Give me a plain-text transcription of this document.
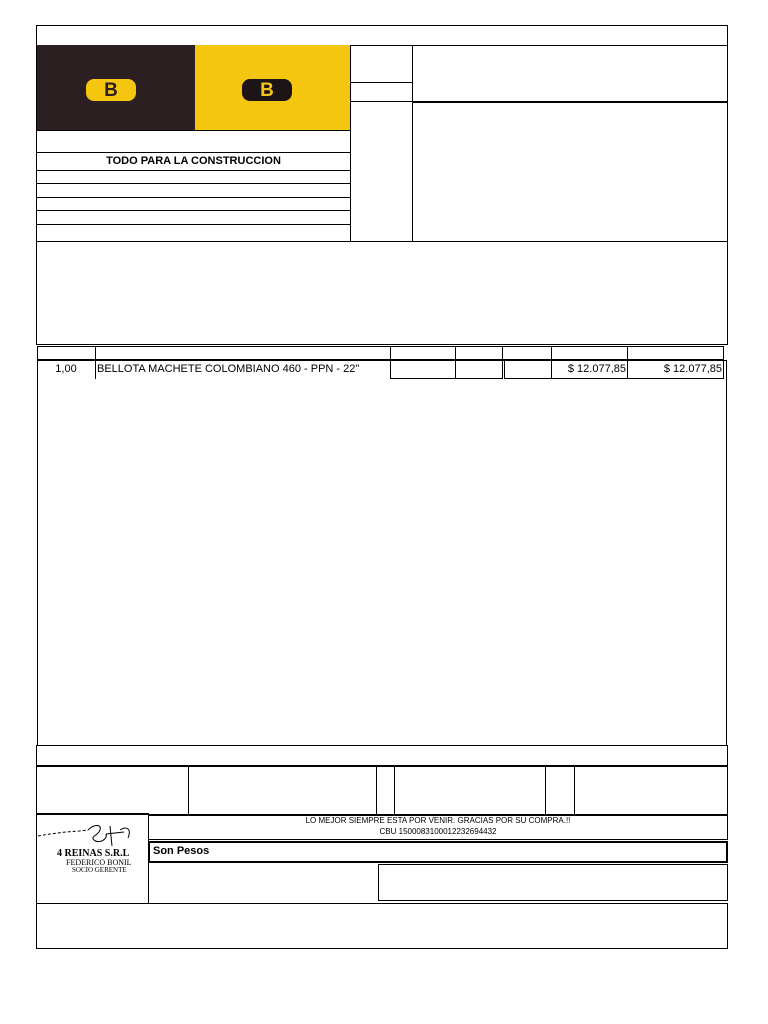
B	B
TODO PARA LA CONSTRUCCION
1,00	BELLOTA MACHETE COLOMBIANO 460 - PPN - 22"	$ 12.077,85	$ 12.077,85
LO MEJOR SIEMPRE ESTA POR VENIR. GRACIAS POR SU COMPRA.!!
CBU 1500083100012232694432
Son Pesos
4 REINAS S.R.L
FEDERICO BONIL
SOCIO GERENTE
